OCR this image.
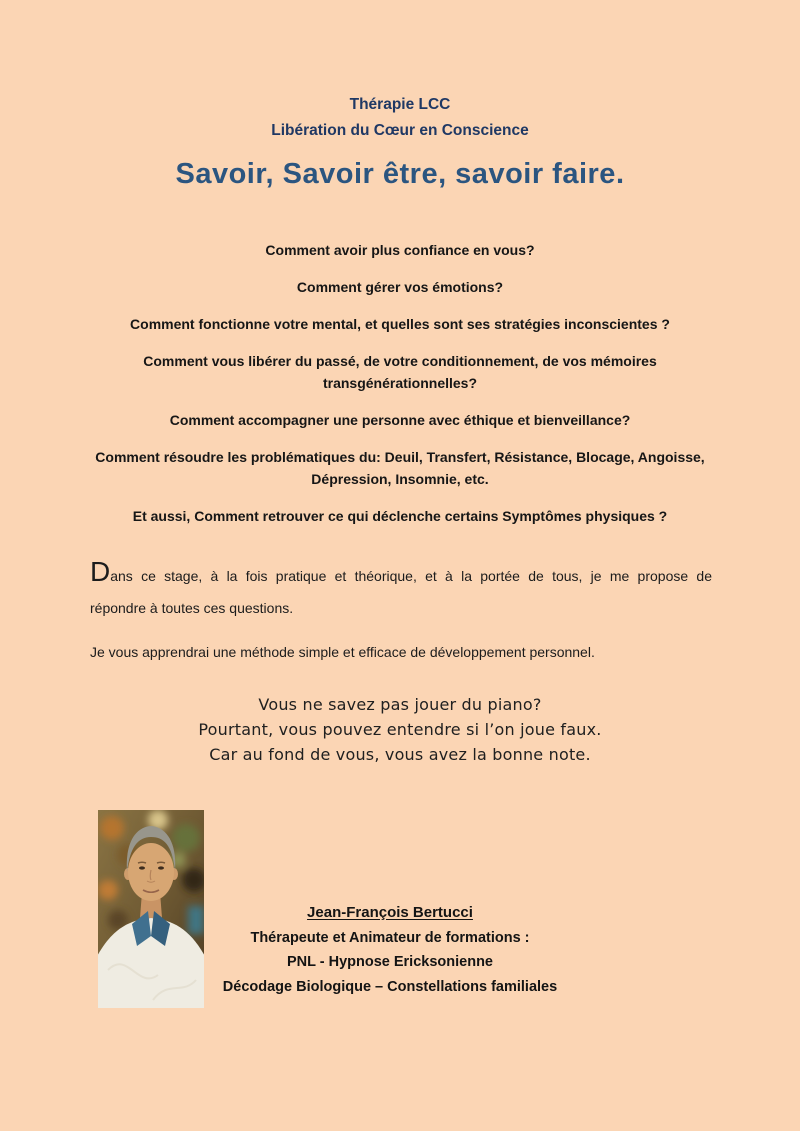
Thérapie LCC
Libération du Cœur en Conscience
Savoir, Savoir être, savoir faire.
Comment avoir plus confiance en vous?
Comment gérer vos émotions?
Comment fonctionne votre mental, et quelles sont ses stratégies inconscientes ?
Comment vous libérer du passé, de votre conditionnement, de vos mémoires
transgénérationnelles?
Comment accompagner une personne avec éthique et bienveillance?
Comment résoudre les problématiques du: Deuil, Transfert, Résistance, Blocage, Angoisse,
Dépression, Insomnie, etc.
Et aussi, Comment retrouver ce qui déclenche certains Symptômes physiques ?
Dans ce stage, à la fois pratique et théorique, et à la portée de tous, je me propose de
répondre à toutes ces questions.
Je vous apprendrai une méthode simple et efficace de développement personnel.
Vous ne savez pas jouer du piano?
Pourtant, vous pouvez entendre si l’on joue faux.
Car au fond de vous, vous avez la bonne note.
Jean-François Bertucci
Thérapeute et Animateur de formations :
PNL - Hypnose Ericksonienne
Décodage Biologique – Constellations familiales
